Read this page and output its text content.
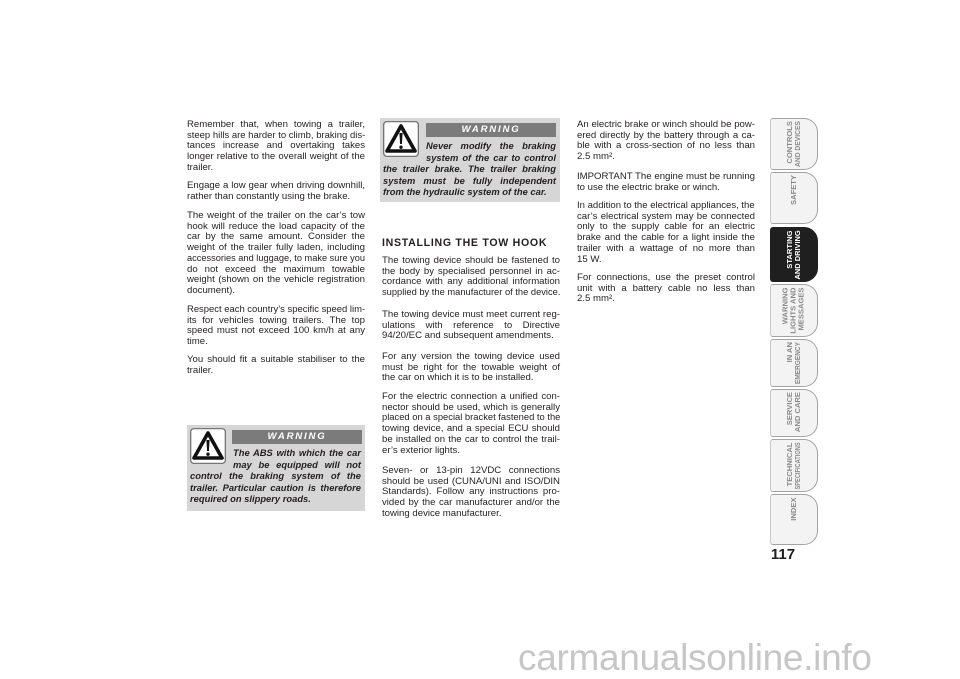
Remember that, when towing a trailer,
steep hills are harder to climb, braking dis-
tances increase and overtaking takes
longer relative to the overall weight of the
trailer.
Engage a low gear when driving downhill,
rather than constantly using the brake.
The weight of the trailer on the car’s tow
hook will reduce the load capacity of the
car by the same amount. Consider the
weight of the trailer fully laden, including
accessories and luggage, to make sure you
do not exceed the maximum towable
weight (shown on the vehicle registration
document).
Respect each country’s specific speed lim-
its for vehicles towing trailers. The top
speed must not exceed 100 km/h at any
time.
You should fit a suitable stabiliser to the
trailer.
WARNING
The ABS with which the car
may be equipped will not
control the braking system of the
trailer. Particular caution is therefore
required on slippery roads.
WARNING
Never modify the braking
system of the car to control
the trailer brake. The trailer braking
system must be fully independent
from the hydraulic system of the car.
INSTALLING THE TOW HOOK
The towing device should be fastened to
the body by specialised personnel in ac-
cordance with any additional information
supplied by the manufacturer of the device.
The towing device must meet current reg-
ulations with reference to Directive
94/20/EC and subsequent amendments.
For any version the towing device used
must be right for the towable weight of
the car on which it is to be installed.
For the electric connection a unified con-
nector should be used, which is generally
placed on a special bracket fastened to the
towing device, and a special ECU should
be installed on the car to control the trail-
er’s exterior lights.
Seven- or 13-pin 12VDC connections
should be used (CUNA/UNI and ISO/DIN
Standards). Follow any instructions pro-
vided by the car manufacturer and/or the
towing device manufacturer.
An electric brake or winch should be pow-
ered directly by the battery through a ca-
ble with a cross-section of no less than
2.5 mm².
IMPORTANT The engine must be running
to use the electric brake or winch.
In addition to the electrical appliances, the
car’s electrical system may be connected
only to the supply cable for an electric
brake and the cable for a light inside the
trailer with a wattage of no more than
15 W.
For connections, use the preset control
unit with a battery cable no less than
2.5 mm².
CONTROLS AND DEVICES
SAFETY
STARTING AND DRIVING
WARNING LIGHTS AND MESSAGES
IN AN EMERGENCY
SERVICE AND CARE
TECHNICAL SPECIFICATIONS
INDEX
117
carmanualsonline.info
